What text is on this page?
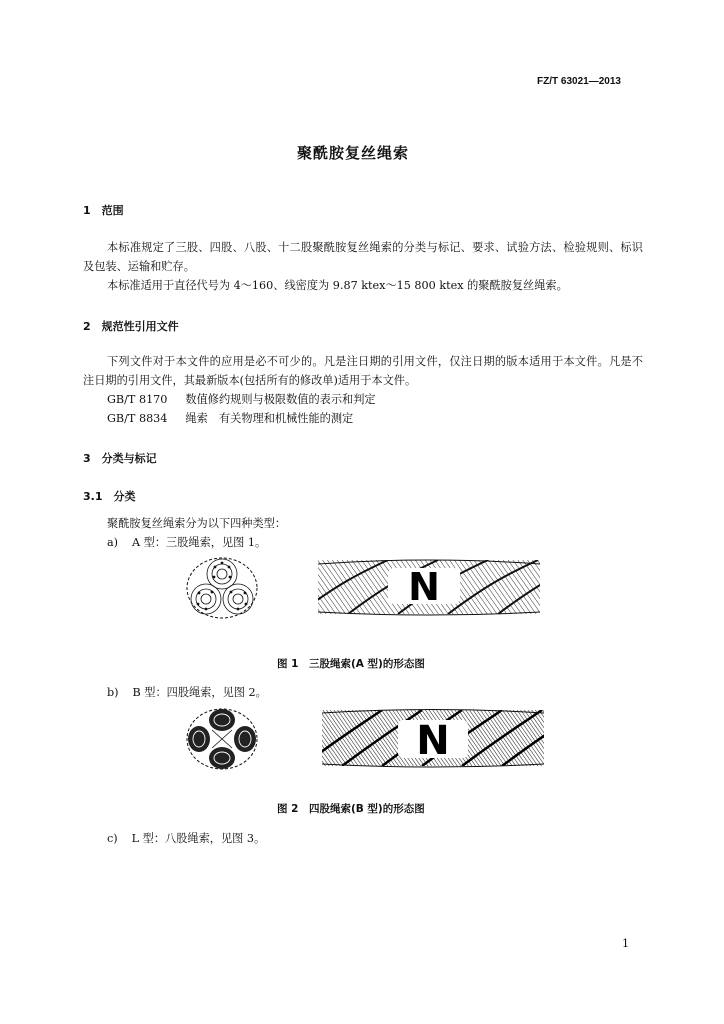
FZ/T 63021—2013
聚酰胺复丝绳索
1　范围
本标准规定了三股、四股、八股、十二股聚酰胺复丝绳索的分类与标记、要求、试验方法、检验规则、标识及包装、运输和贮存。
本标准适用于直径代号为 4～160、线密度为 9.87 ktex～15 800 ktex 的聚酰胺复丝绳索。
2　规范性引用文件
下列文件对于本文件的应用是必不可少的。凡是注日期的引用文件，仅注日期的版本适用于本文件。凡是不注日期的引用文件，其最新版本(包括所有的修改单)适用于本文件。
GB/T 8170 数值修约规则与极限数值的表示和判定
GB/T 8834 绳索　有关物理和机械性能的测定
3　分类与标记
3.1　分类
聚酰胺复丝绳索分为以下四种类型：
a) A 型：三股绳索，见图 1。
N
图 1　三股绳索(A 型)的形态图
b) B 型：四股绳索，见图 2。
N
图 2　四股绳索(B 型)的形态图
c) L 型：八股绳索，见图 3。
1
